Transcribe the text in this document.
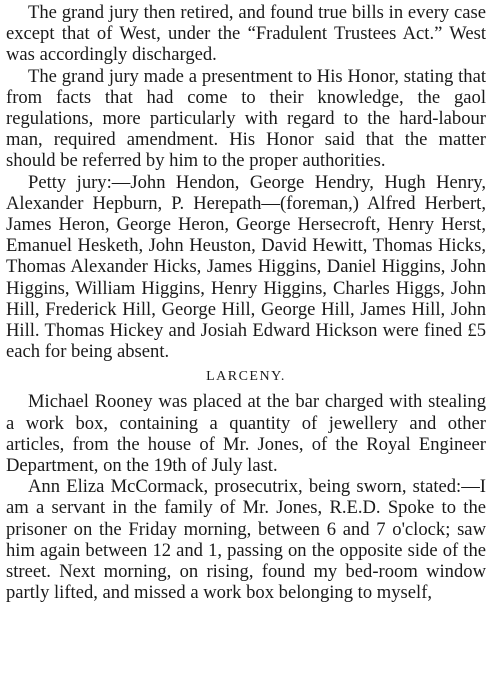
The grand jury then retired, and found true bills in every case except that of West, under the “Fradulent Trustees Act.” West was accordingly discharged.

The grand jury made a presentment to His Honor, stating that from facts that had come to their knowledge, the gaol regulations, more particularly with regard to the hard-labour man, required amendment. His Honor said that the matter should be referred by him to the proper authorities.

Petty jury:—John Hendon, George Hendry, Hugh Henry, Alexander Hepburn, P. Herepath—(foreman,) Alfred Herbert, James Heron, George Heron, George Hersecroft, Henry Herst, Emanuel Hesketh, John Heuston, David Hewitt, Thomas Hicks, Thomas Alexander Hicks, James Higgins, Daniel Higgins, John Higgins, William Higgins, Henry Higgins, Charles Higgs, John Hill, Frederick Hill, George Hill, George Hill, James Hill, John Hill. Thomas Hickey and Josiah Edward Hickson were fined £5 each for being absent.

LARCENY.

Michael Rooney was placed at the bar charged with stealing a work box, containing a quantity of jewellery and other articles, from the house of Mr. Jones, of the Royal Engineer Department, on the 19th of July last.

Ann Eliza McCormack, prosecutrix, being sworn, stated:—I am a servant in the family of Mr. Jones, R.E.D. Spoke to the prisoner on the Friday morning, between 6 and 7 o'clock; saw him again between 12 and 1, passing on the opposite side of the street. Next morning, on rising, found my bed-room window partly lifted, and missed a work box belonging to myself,
